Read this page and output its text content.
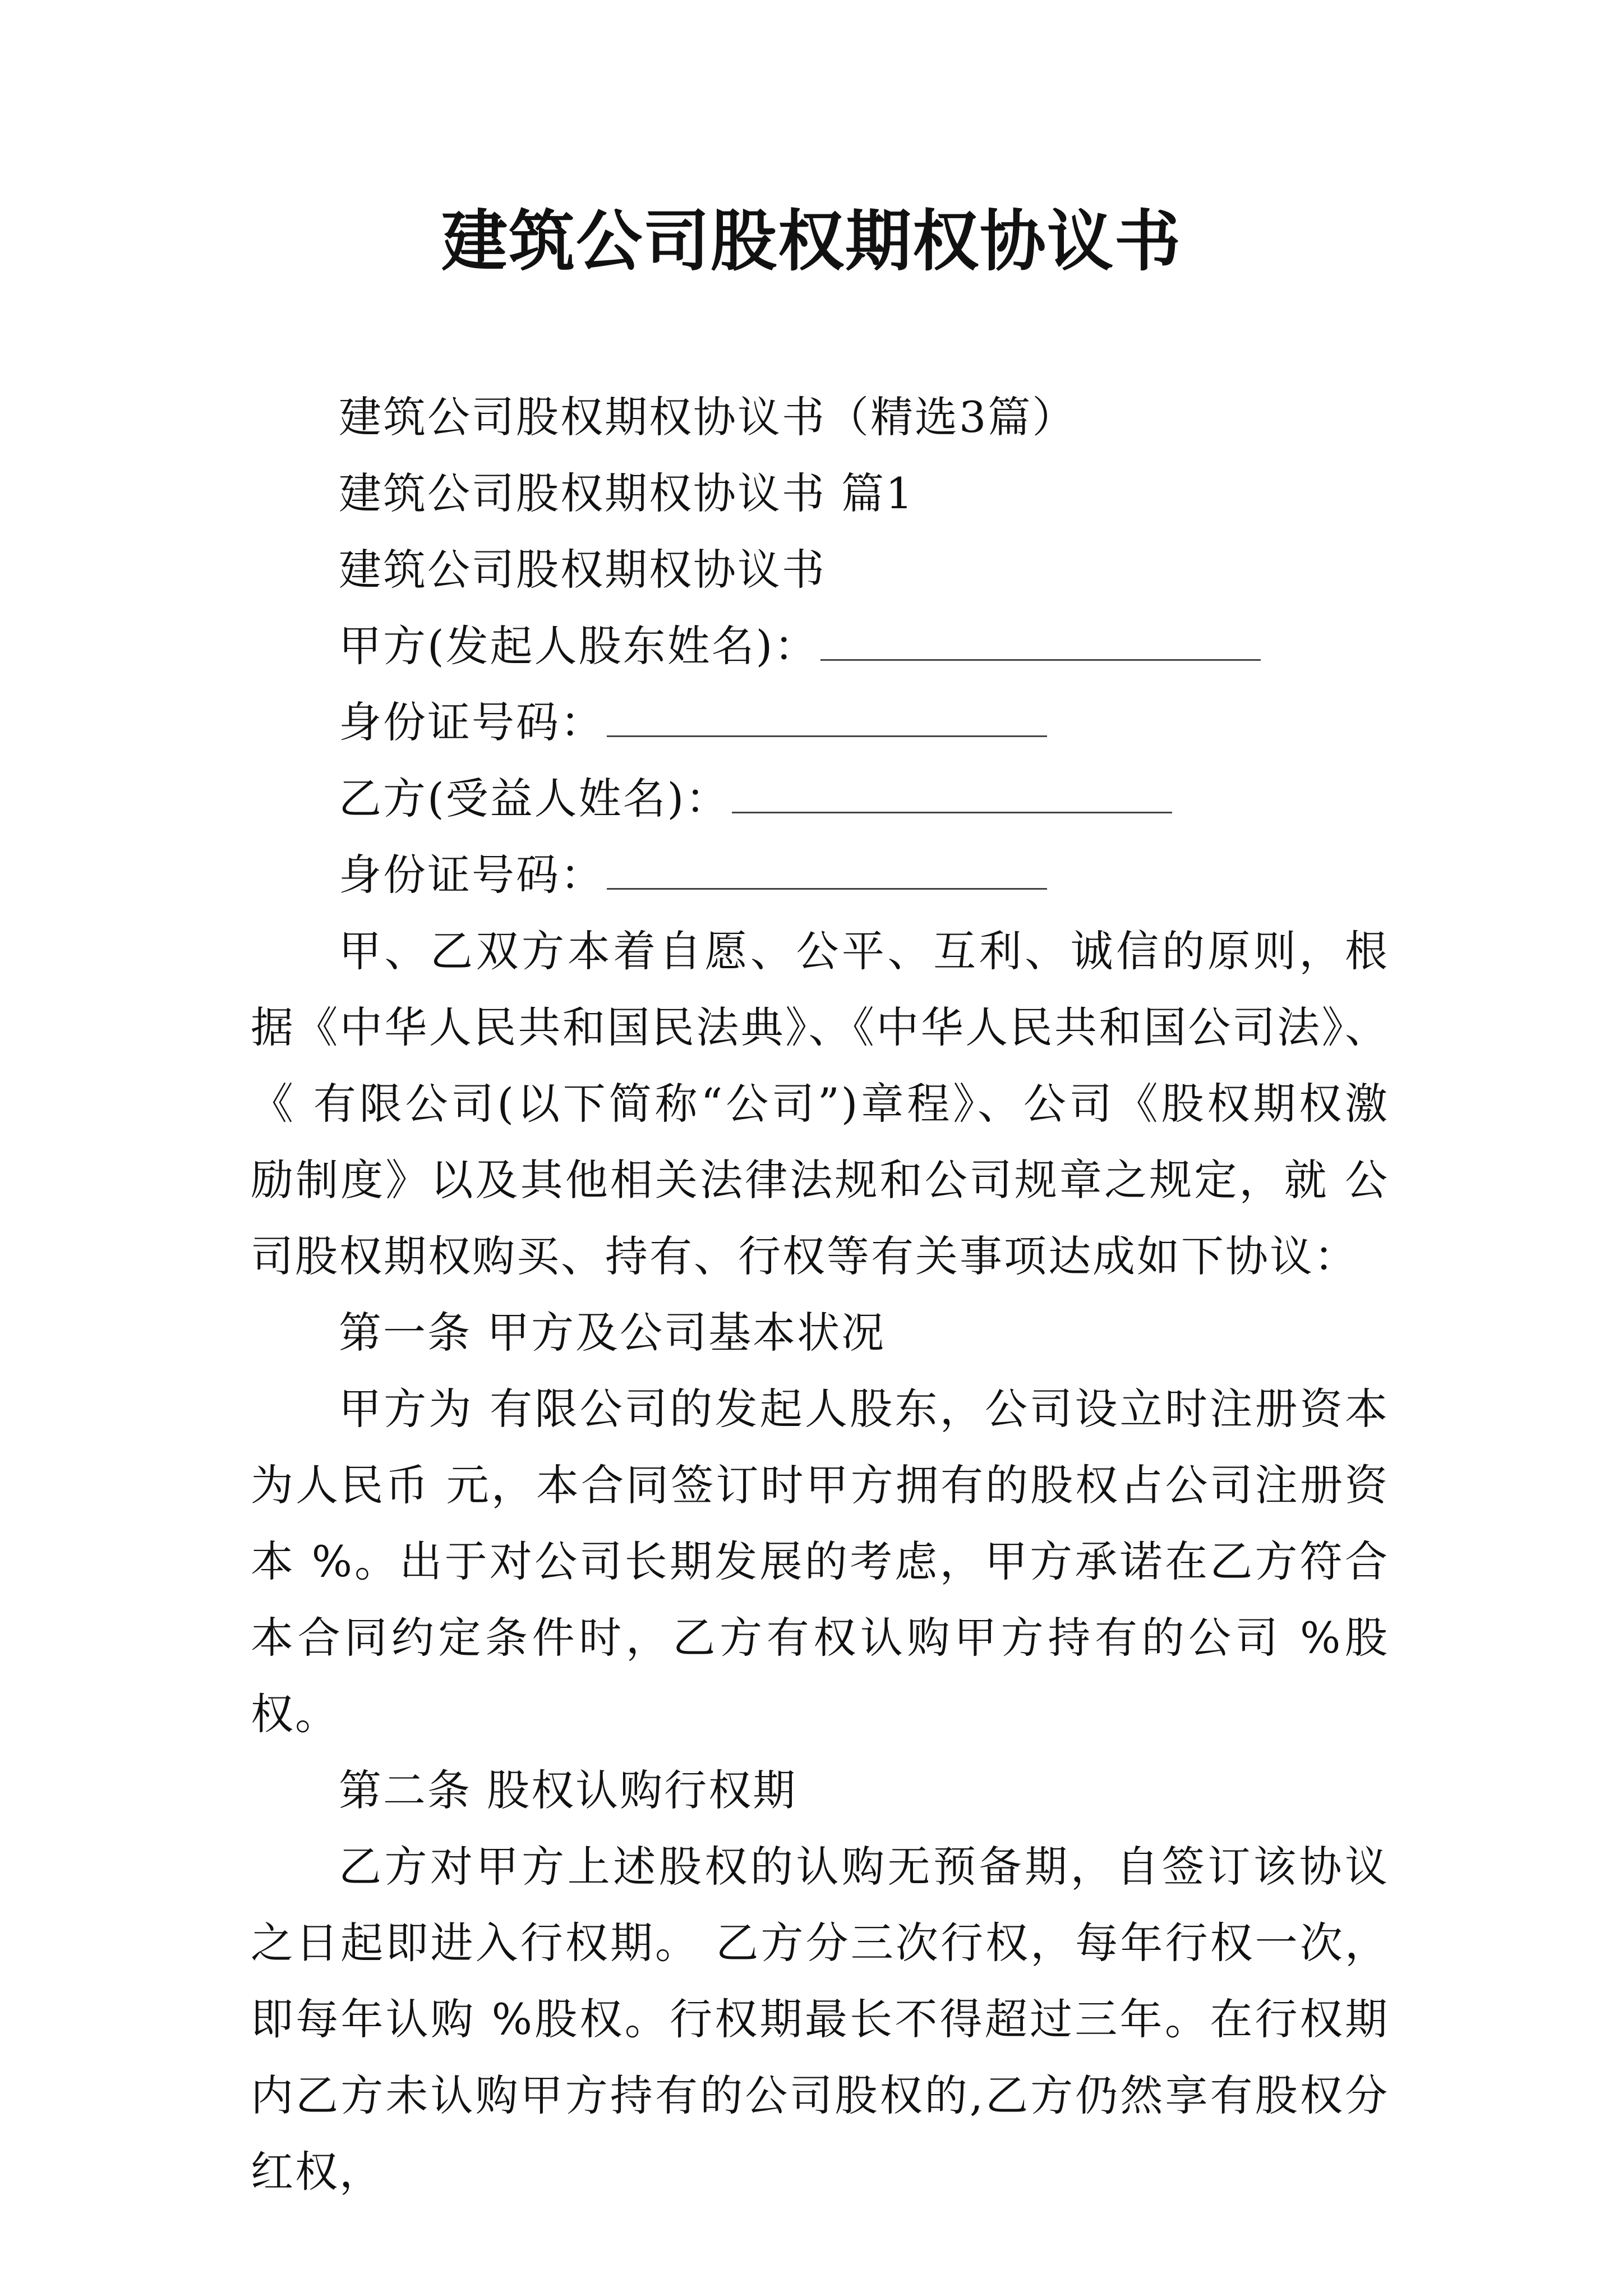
建筑公司股权期权协议书

建筑公司股权期权协议书（精选3篇）

建筑公司股权期权协议书 篇1

建筑公司股权期权协议书

甲方(发起人股东姓名)：

身份证号码：

乙方(受益人姓名)：

身份证号码：

甲、乙双方本着自愿、公平、互利、诚信的原则，根据《中华人民共和国民法典》、《中华人民共和国公司法》、《 有限公司(以下简称“公司”)章程》、公司《股权期权激励制度》以及其他相关法律法规和公司规章之规定，就 公司股权期权购买、持有、行权等有关事项达成如下协议：

第一条 甲方及公司基本状况

甲方为 有限公司的发起人股东，公司设立时注册资本为人民币 元，本合同签订时甲方拥有的股权占公司注册资本 %。出于对公司长期发展的考虑，甲方承诺在乙方符合本合同约定条件时，乙方有权认购甲方持有的公司 %股权。

第二条 股权认购行权期

乙方对甲方上述股权的认购无预备期，自签订该协议之日起即进入行权期。 乙方分三次行权，每年行权一次，即每年认购 %股权。行权期最长不得超过三年。在行权期内乙方未认购甲方持有的公司股权的,乙方仍然享有股权分红权，
